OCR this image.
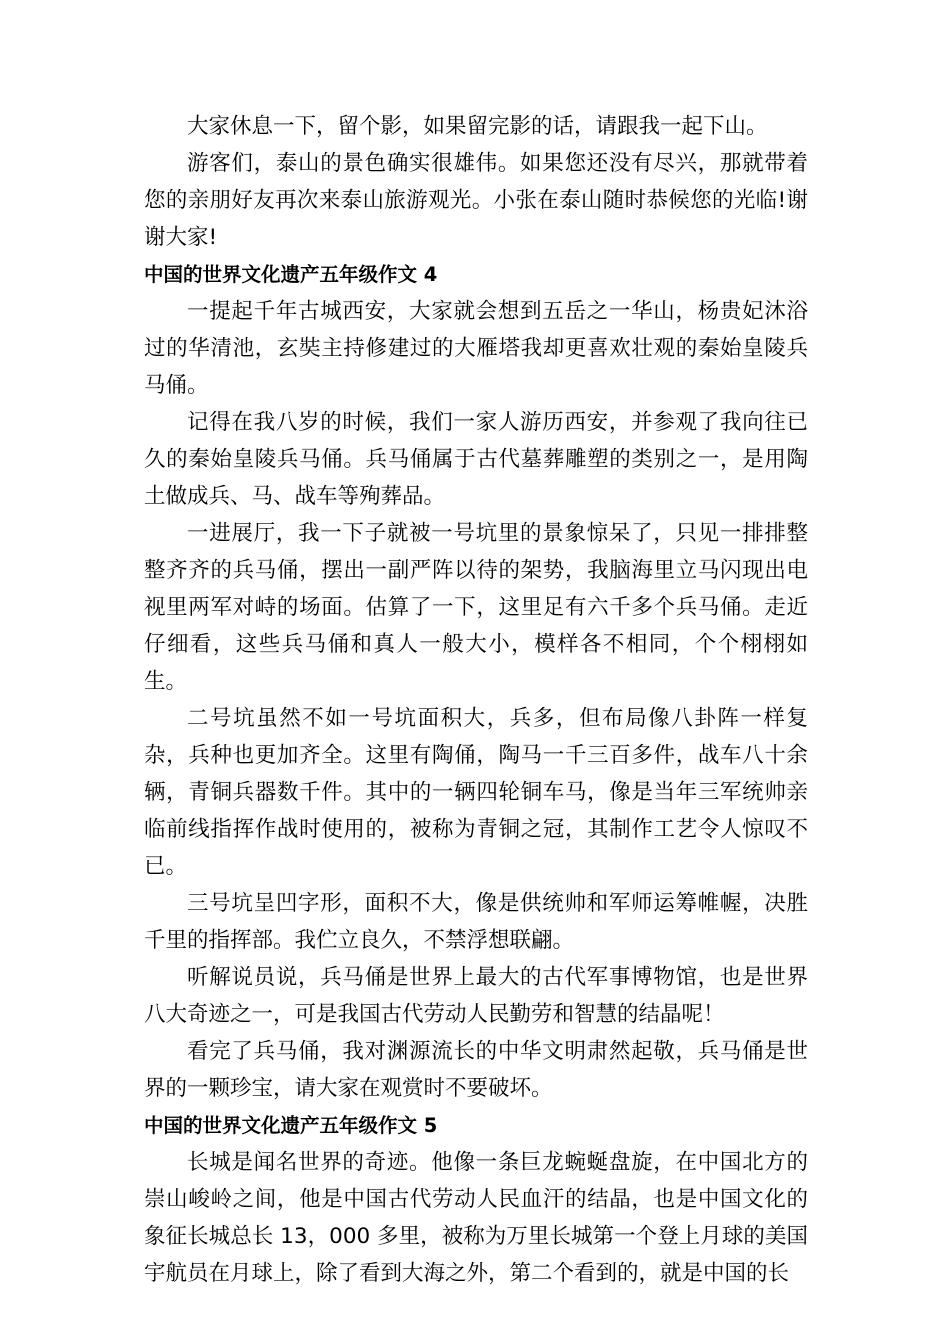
大家休息一下，留个影，如果留完影的话，请跟我一起下山。

游客们，泰山的景色确实很雄伟。如果您还没有尽兴，那就带着您的亲朋好友再次来泰山旅游观光。小张在泰山随时恭候您的光临!谢谢大家!

中国的世界文化遗产五年级作文 4

一提起千年古城西安，大家就会想到五岳之一华山，杨贵妃沐浴过的华清池，玄奘主持修建过的大雁塔我却更喜欢壮观的秦始皇陵兵马俑。

记得在我八岁的时候，我们一家人游历西安，并参观了我向往已久的秦始皇陵兵马俑。兵马俑属于古代墓葬雕塑的类别之一，是用陶土做成兵、马、战车等殉葬品。

一进展厅，我一下子就被一号坑里的景象惊呆了，只见一排排整整齐齐的兵马俑，摆出一副严阵以待的架势，我脑海里立马闪现出电视里两军对峙的场面。估算了一下，这里足有六千多个兵马俑。走近仔细看，这些兵马俑和真人一般大小，模样各不相同，个个栩栩如生。

二号坑虽然不如一号坑面积大，兵多，但布局像八卦阵一样复杂，兵种也更加齐全。这里有陶俑，陶马一千三百多件，战车八十余辆，青铜兵器数千件。其中的一辆四轮铜车马，像是当年三军统帅亲临前线指挥作战时使用的，被称为青铜之冠，其制作工艺令人惊叹不已。

三号坑呈凹字形，面积不大，像是供统帅和军师运筹帷幄，决胜千里的指挥部。我伫立良久，不禁浮想联翩。

听解说员说，兵马俑是世界上最大的古代军事博物馆，也是世界八大奇迹之一，可是我国古代劳动人民勤劳和智慧的结晶呢！

看完了兵马俑，我对渊源流长的中华文明肃然起敬，兵马俑是世界的一颗珍宝，请大家在观赏时不要破坏。

中国的世界文化遗产五年级作文 5

长城是闻名世界的奇迹。他像一条巨龙蜿蜒盘旋，在中国北方的崇山峻岭之间，他是中国古代劳动人民血汗的结晶，也是中国文化的象征长城总长 13，000 多里，被称为万里长城第一个登上月球的美国宇航员在月球上，除了看到大海之外，第二个看到的，就是中国的长
